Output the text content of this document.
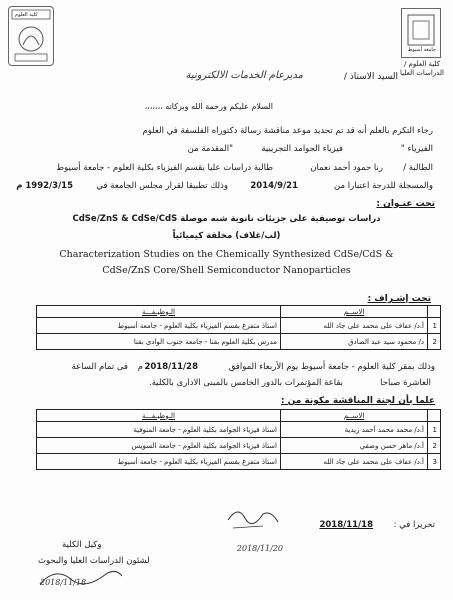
كلية العلوم
جامعة أسيوط
كلية العلوم / الدراسات العليا
السيد الاستاذ /
مديرعام الخدمات الالكترونية
السلام عليكم ورحمة الله وبركاته ،،،،،،،
رجاء التكرم بالعلم أنه قد تم تحديد موعد مناقشة رسالة دكتوراه الفلسفة في العلوم
الفيزياء "
فيزياء الجوامد التجريبية
"المقدمة من
الطالبة /
رنا حمود أحمد نعمان
طالبة دراسات عليا بقسم الفيزياء بكلية العلوم - جامعة أسيوط
والمسجلة للدرجة اعتبارا من
2014/9/21
وذلك تطبيقا لقرار مجلس الجامعة في
1992/3/15 م
تحت عنـوان :
دراسات توصيفية على جزيئات نانوية شبه موصلة CdSe/ZnS & CdSe/CdS
(لب/غلاف) مخلقة كيميائياً
Characterization Studies on the Chemically Synthesized CdSe/CdS &
CdSe/ZnS Core/Shell Semiconductor Nanoparticles
تحت إشـراف :
	الاســم	الـوظيـفـــة
1	أ.د/ عفاف على محمد على جاد الله	استاذ متفرغ بقسم الفيزياء بكلية العلوم - جامعة أسيوط
2	د/ محمود سيد عبد الصادق	مدرس بكلية العلوم بقنا - جامعة جنوب الوادى بقنا
وذلك بمقر كلية العلوم - جامعة أسيوط يوم الأربعاء الموافق
2018/11/28
م
فى تمام الساعة
العاشرة صباحا
بقاعة المؤتمرات بالدور الخامس بالمبنى الادارى بالكلية.
علما بأن لجنة المناقشة مكونة من :
	الاســم	الـوظيـفـــة
1	أ.د/ محمد محمد أحمد زيدية	استاذ فيزياء الجوامد بكلية العلوم - جامعة المنوفية
2	أ.د/ ماهر حسن وصفي	استاذ فيزياء الجوامد بكلية العلوم - جامعة السويس
3	أ.د/ عفاف على محمد على جاد الله	استاذ متفرغ بقسم الفيزياء بكلية العلوم - جامعة أسيوط
تحريرا في :
2018/11/18
2018/11/20
وكيل الكلية
لشئون الدراسات العليا والبحوث
2018/11/18
